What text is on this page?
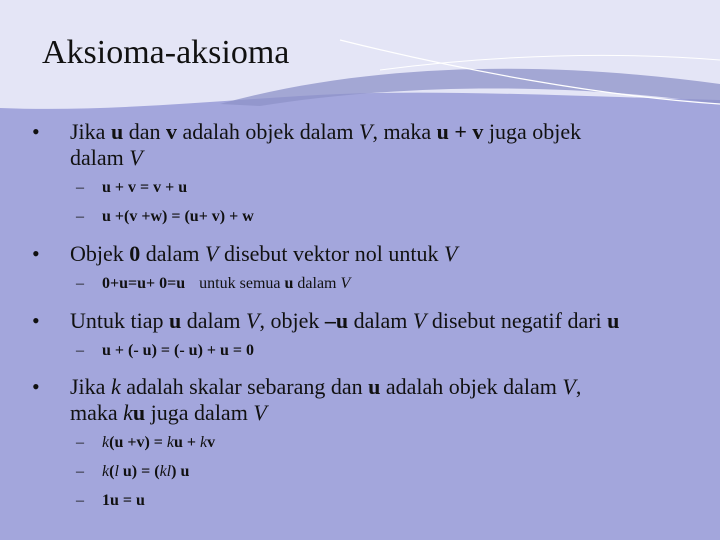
Aksioma-aksioma
• Jika u dan v adalah objek dalam V, maka u + v juga objek
dalam V
– u + v = v + u
– u +(v +w) = (u+ v) + w
• Objek 0 dalam V disebut vektor nol untuk V
– 0+u=u+ 0=u untuk semua u dalam V
• Untuk tiap u dalam V, objek –u dalam V disebut negatif dari u
– u + (- u) = (- u) + u = 0
• Jika k adalah skalar sebarang dan u adalah objek dalam V,
maka ku juga dalam V
– k(u +v) = ku + kv
– k(l u) = (kl) u
– 1u = u
